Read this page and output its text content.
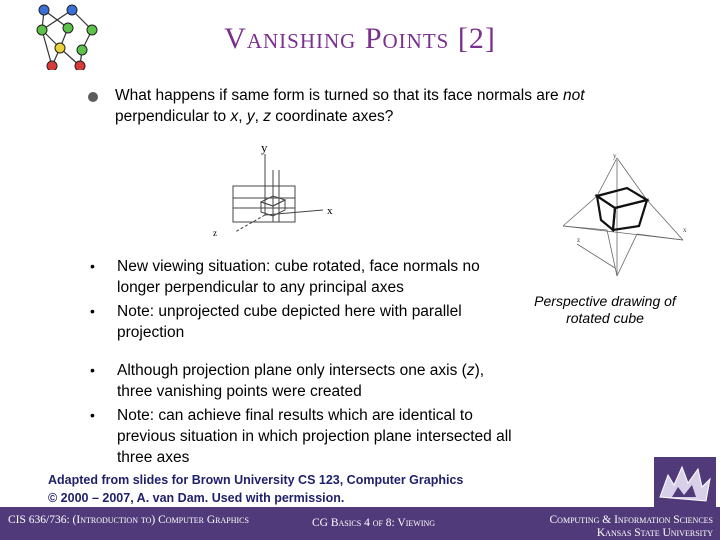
Vanishing Points [2]
What happens if same form is turned so that its face normals are not perpendicular to x, y, z coordinate axes?
y
x
z
y
x
z
Perspective drawing of rotated cube
• New viewing situation: cube rotated, face normals no longer perpendicular to any principal axes
• Note: unprojected cube depicted here with parallel projection
• Although projection plane only intersects one axis (z), three vanishing points were created
• Note: can achieve final results which are identical to previous situation in which projection plane intersected all three axes
Adapted from slides for Brown University CS 123, Computer Graphics
© 2000 – 2007, A. van Dam. Used with permission.
CIS 636/736: (Introduction to) Computer Graphics	CG Basics 4 of 8: Viewing	Computing & Information Sciences
Kansas State University
